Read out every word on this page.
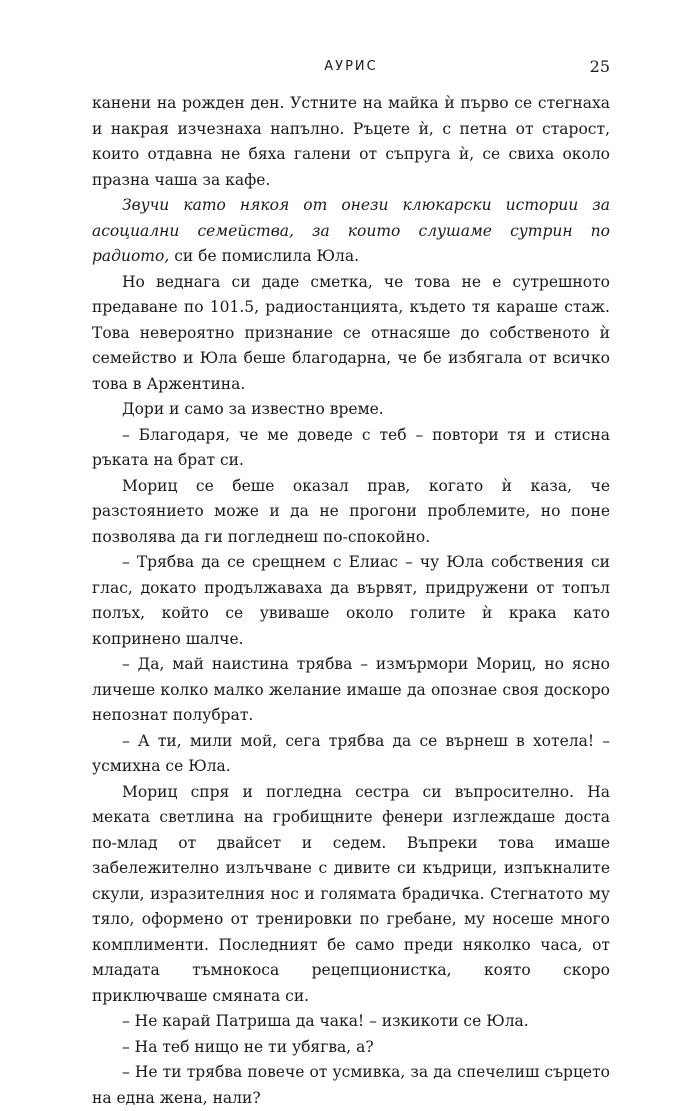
АУРИС	25

канени на рожден ден. Устните на майка ѝ първо се стегнаха и накрая изчезнаха напълно. Ръцете ѝ, с петна от старост, които отдавна не бяха галени от съпруга ѝ, се свиха около празна чаша за кафе.

Звучи като някоя от онези клюкарски истории за асоциални семейства, за които слушаме сутрин по радиото, си бе помислила Юла.

Но веднага си даде сметка, че това не е сутрешното предаване по 101.5, радиостанцията, където тя караше стаж. Това невероятно признание се отнасяше до собственото ѝ семейство и Юла беше благодарна, че бе избягала от всичко това в Аржентина.

Дори и само за известно време.

– Благодаря, че ме доведе с теб – повтори тя и стисна ръката на брат си.

Мориц се беше оказал прав, когато ѝ каза, че разстоянието може и да не прогони проблемите, но поне позволява да ги погледнеш по-спокойно.

– Трябва да се срещнем с Елиас – чу Юла собствения си глас, докато продължаваха да вървят, придружени от топъл полъх, който се увиваше около голите ѝ крака като копринено шалче.

– Да, май наистина трябва – измърмори Мориц, но ясно личеше колко малко желание имаше да опознае своя доскоро непознат полубрат.

– А ти, мили мой, сега трябва да се върнеш в хотела! – усмихна се Юла.

Мориц спря и погледна сестра си въпросително. На меката светлина на гробищните фенери изглеждаше доста по-млад от двайсет и седем. Въпреки това имаше забележително излъчване с дивите си къдрици, изпъкналите скули, изразителния нос и голямата брадичка. Стегнатото му тяло, оформено от тренировки по гребане, му носеше много комплименти. Последният бе само преди няколко часа, от младата тъмнокоса рецепционистка, която скоро приключваше смяната си.

– Не карай Патриша да чака! – изкикоти се Юла.

– На теб нищо не ти убягва, а?

– Не ти трябва повече от усмивка, за да спечелиш сърцето на една жена, нали?
